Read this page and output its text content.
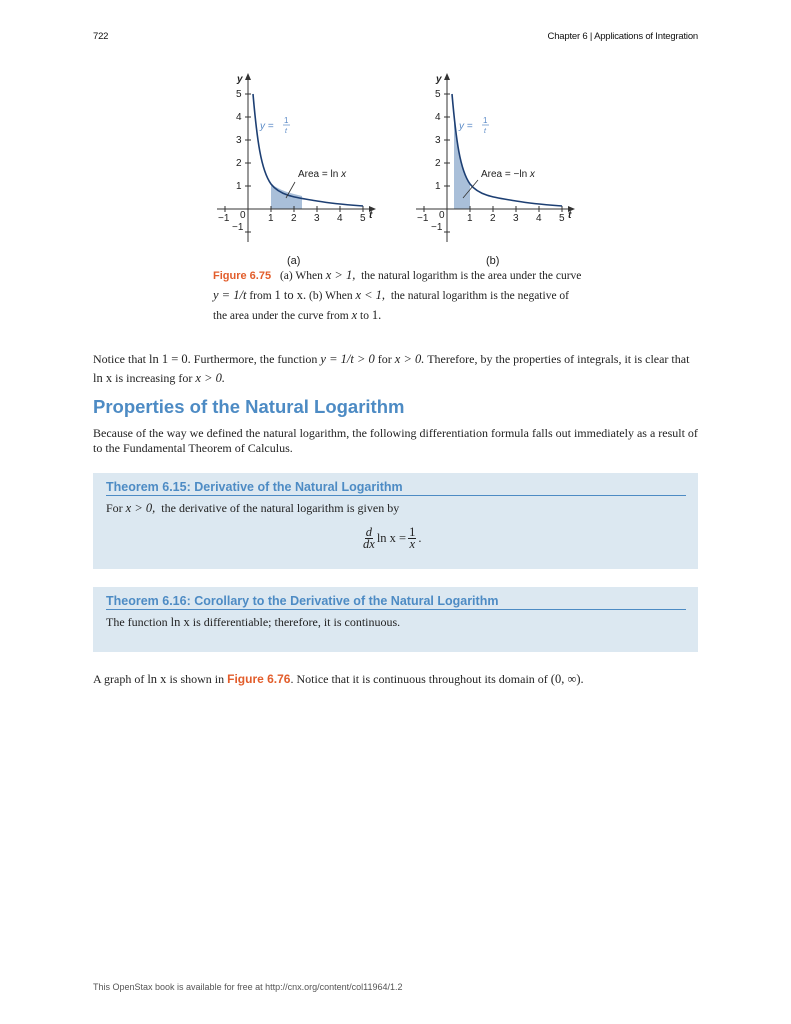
722	Chapter 6 | Applications of Integration
−1 0 1 2 3 4 5
5
4
3
2
1
−1
t
y
Area = ln x
y =
1
t
(a)
−1 0 1 2 3 4 5
5
4
3
2
1
−1
t
y
Area = −ln x
y =
1
t
(b)
Figure 6.75 (a) When x > 1, the natural logarithm is the area under the curve y = 1/t from 1 to x. (b) When x < 1, the natural logarithm is the negative of the area under the curve from x to 1.
Notice that ln 1 = 0. Furthermore, the function y = 1/t > 0 for x > 0. Therefore, by the properties of integrals, it is clear that ln x is increasing for x > 0.
Properties of the Natural Logarithm
Because of the way we defined the natural logarithm, the following differentiation formula falls out immediately as a result of to the Fundamental Theorem of Calculus.
Theorem 6.15: Derivative of the Natural Logarithm
For x > 0, the derivative of the natural logarithm is given by
$\frac{d}{dx}$ $\ln x = \frac{1}{x}$ .
Theorem 6.16: Corollary to the Derivative of the Natural Logarithm
The function ln x is differentiable; therefore, it is continuous.
A graph of ln x is shown in Figure 6.76. Notice that it is continuous throughout its domain of (0, ∞).
This OpenStax book is available for free at http://cnx.org/content/col11964/1.2
